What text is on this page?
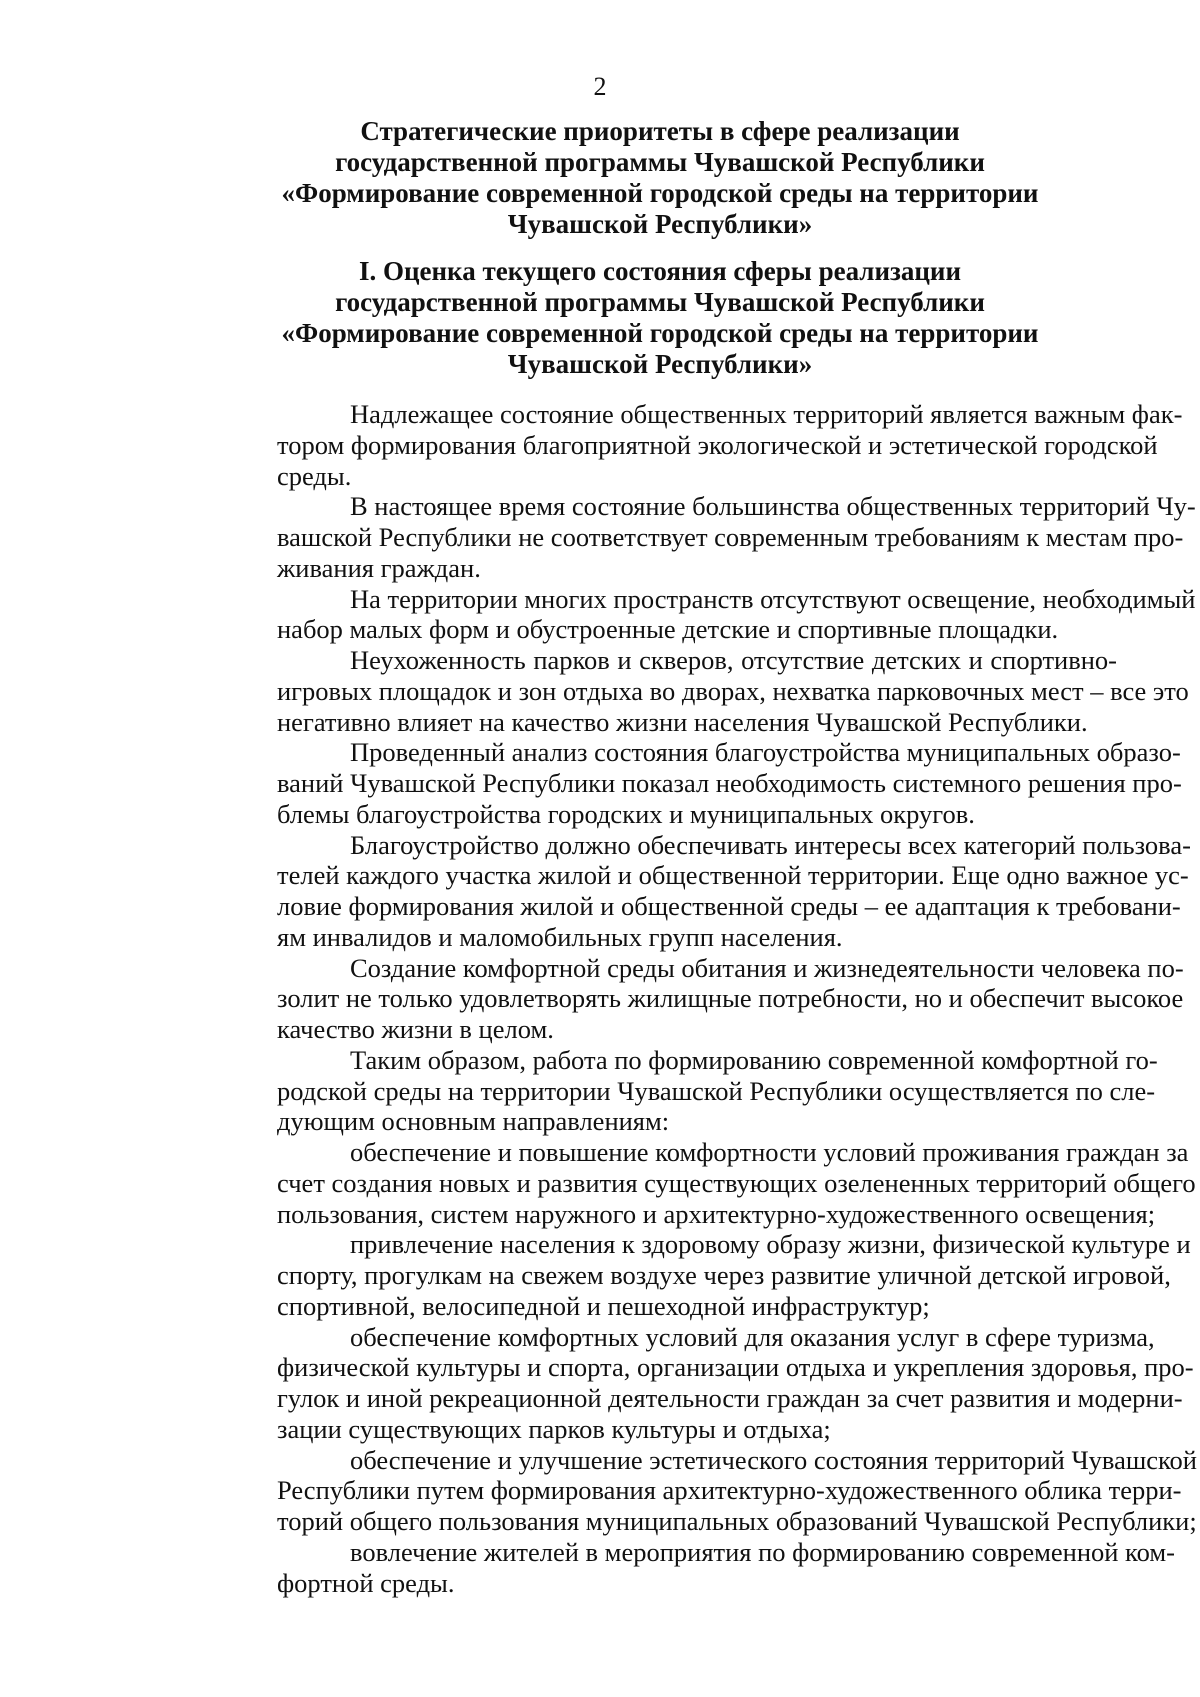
2
Стратегические приоритеты в сфере реализации
государственной программы Чувашской Республики
«Формирование современной городской среды на территории
Чувашской Республики»
I. Оценка текущего состояния сферы реализации
государственной программы Чувашской Республики
«Формирование современной городской среды на территории
Чувашской Республики»
Надлежащее состояние общественных территорий является важным фак-
тором формирования благоприятной экологической и эстетической городской
среды.
В настоящее время состояние большинства общественных территорий Чу-
вашской Республики не соответствует современным требованиям к местам про-
живания граждан.
На территории многих пространств отсутствуют освещение, необходимый
набор малых форм и обустроенные детские и спортивные площадки.
Неухоженность парков и скверов, отсутствие детских и спортивно-
игровых площадок и зон отдыха во дворах, нехватка парковочных мест – все это
негативно влияет на качество жизни населения Чувашской Республики.
Проведенный анализ состояния благоустройства муниципальных образо-
ваний Чувашской Республики показал необходимость системного решения про-
блемы благоустройства городских и муниципальных округов.
Благоустройство должно обеспечивать интересы всех категорий пользова-
телей каждого участка жилой и общественной территории. Еще одно важное ус-
ловие формирования жилой и общественной среды – ее адаптация к требовани-
ям инвалидов и маломобильных групп населения.
Создание комфортной среды обитания и жизнедеятельности человека по-
золит не только удовлетворять жилищные потребности, но и обеспечит высокое
качество жизни в целом.
Таким образом, работа по формированию современной комфортной го-
родской среды на территории Чувашской Республики осуществляется по сле-
дующим основным направлениям:
обеспечение и повышение комфортности условий проживания граждан за
счет создания новых и развития существующих озелененных территорий общего
пользования, систем наружного и архитектурно-художественного освещения;
привлечение населения к здоровому образу жизни, физической культуре и
спорту, прогулкам на свежем воздухе через развитие уличной детской игровой,
спортивной, велосипедной и пешеходной инфраструктур;
обеспечение комфортных условий для оказания услуг в сфере туризма,
физической культуры и спорта, организации отдыха и укрепления здоровья, про-
гулок и иной рекреационной деятельности граждан за счет развития и модерни-
зации существующих парков культуры и отдыха;
обеспечение и улучшение эстетического состояния территорий Чувашской
Республики путем формирования архитектурно-художественного облика терри-
торий общего пользования муниципальных образований Чувашской Республики;
вовлечение жителей в мероприятия по формированию современной ком-
фортной среды.
